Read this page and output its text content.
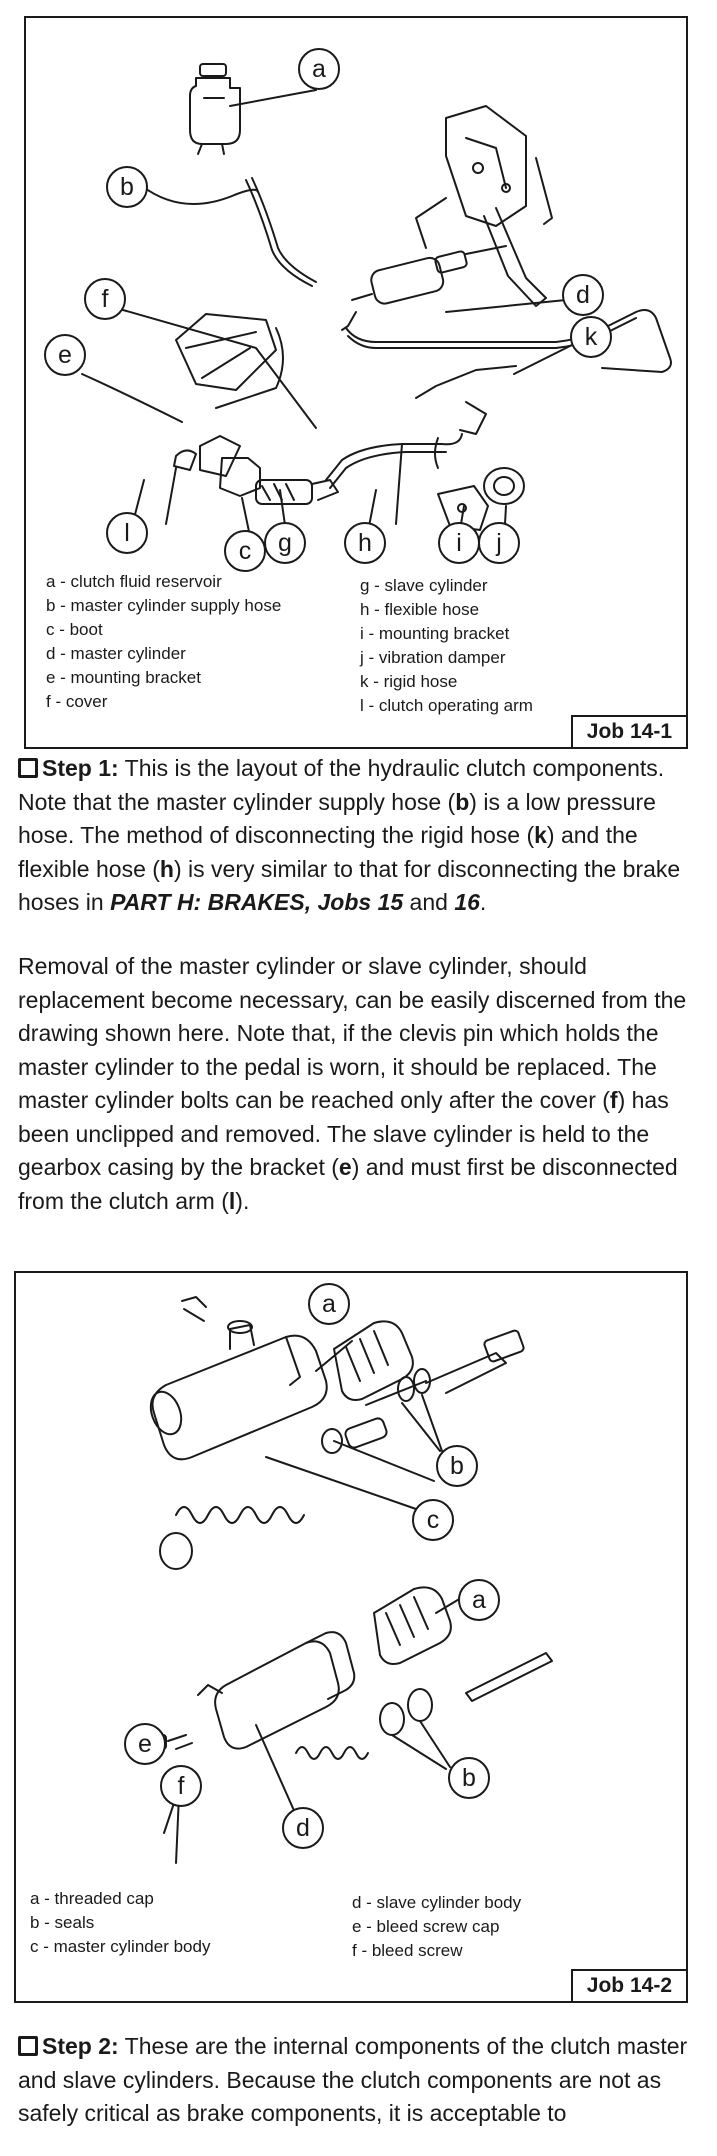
a
b
f
e
d
k
l
c	g	h	i	j
a - clutch fluid reservoir
b - master cylinder supply hose
c - boot
d - master cylinder
e - mounting bracket
f - cover
g - slave cylinder
h - flexible hose
i - mounting bracket
j - vibration damper
k - rigid hose
l - clutch operating arm
Job 14-1

Step 1: This is the layout of the hydraulic clutch components. Note that the master cylinder supply hose (b) is a low pressure hose. The method of disconnecting the rigid hose (k) and the flexible hose (h) is very similar to that for disconnecting the brake hoses in PART H: BRAKES, Jobs 15 and 16.

Removal of the master cylinder or slave cylinder, should replacement become necessary, can be easily discerned from the drawing shown here. Note that, if the clevis pin which holds the master cylinder to the pedal is worn, it should be replaced. The master cylinder bolts can be reached only after the cover (f) has been unclipped and removed. The slave cylinder is held to the gearbox casing by the bracket (e) and must first be disconnected from the clutch arm (l).

a
b
c
a
b
e
f
d
a - threaded cap
b - seals
c - master cylinder body
d - slave cylinder body
e - bleed screw cap
f - bleed screw
Job 14-2

Step 2: These are the internal components of the clutch master and slave cylinders. Because the clutch components are not as safely critical as brake components, it is acceptable to
